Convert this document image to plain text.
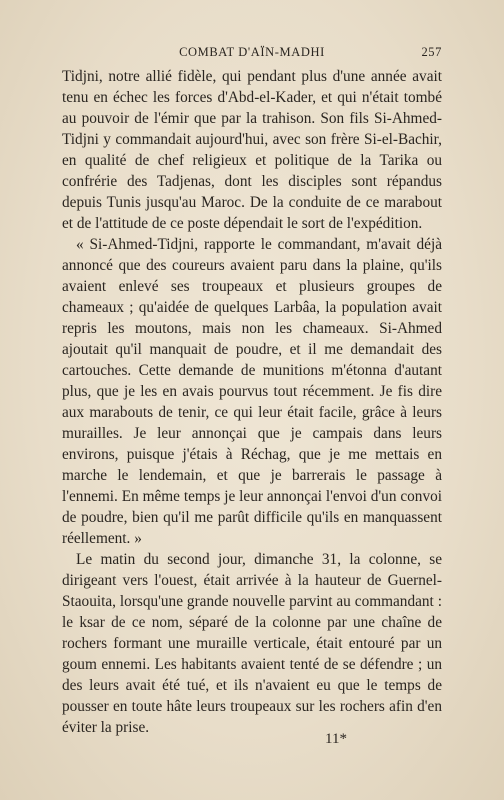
COMBAT D'AÏN-MADHI	257

Tidjni, notre allié fidèle, qui pendant plus d'une année avait tenu en échec les forces d'Abd-el-Kader, et qui n'était tombé au pouvoir de l'émir que par la trahison. Son fils Si-Ahmed-Tidjni y commandait aujourd'hui, avec son frère Si-el-Bachir, en qualité de chef religieux et politique de la Tarika ou confrérie des Tadjenas, dont les disciples sont répandus depuis Tunis jusqu'au Maroc. De la conduite de ce marabout et de l'attitude de ce poste dépendait le sort de l'expédition.

« Si-Ahmed-Tidjni, rapporte le commandant, m'avait déjà annoncé que des coureurs avaient paru dans la plaine, qu'ils avaient enlevé ses troupeaux et plusieurs groupes de chameaux ; qu'aidée de quelques Larbâa, la population avait repris les moutons, mais non les chameaux. Si-Ahmed ajoutait qu'il manquait de poudre, et il me demandait des cartouches. Cette demande de munitions m'étonna d'autant plus, que je les en avais pourvus tout récemment. Je fis dire aux marabouts de tenir, ce qui leur était facile, grâce à leurs murailles. Je leur annonçai que je campais dans leurs environs, puisque j'étais à Réchag, que je me mettais en marche le lendemain, et que je barrerais le passage à l'ennemi. En même temps je leur annonçai l'envoi d'un convoi de poudre, bien qu'il me parût difficile qu'ils en manquassent réellement. »

Le matin du second jour, dimanche 31, la colonne, se dirigeant vers l'ouest, était arrivée à la hauteur de Guernel-Staouita, lorsqu'une grande nouvelle parvint au commandant : le ksar de ce nom, séparé de la colonne par une chaîne de rochers formant une muraille verticale, était entouré par un goum ennemi. Les habitants avaient tenté de se défendre ; un des leurs avait été tué, et ils n'avaient eu que le temps de pousser en toute hâte leurs troupeaux sur les rochers afin d'en éviter la prise.

11*
